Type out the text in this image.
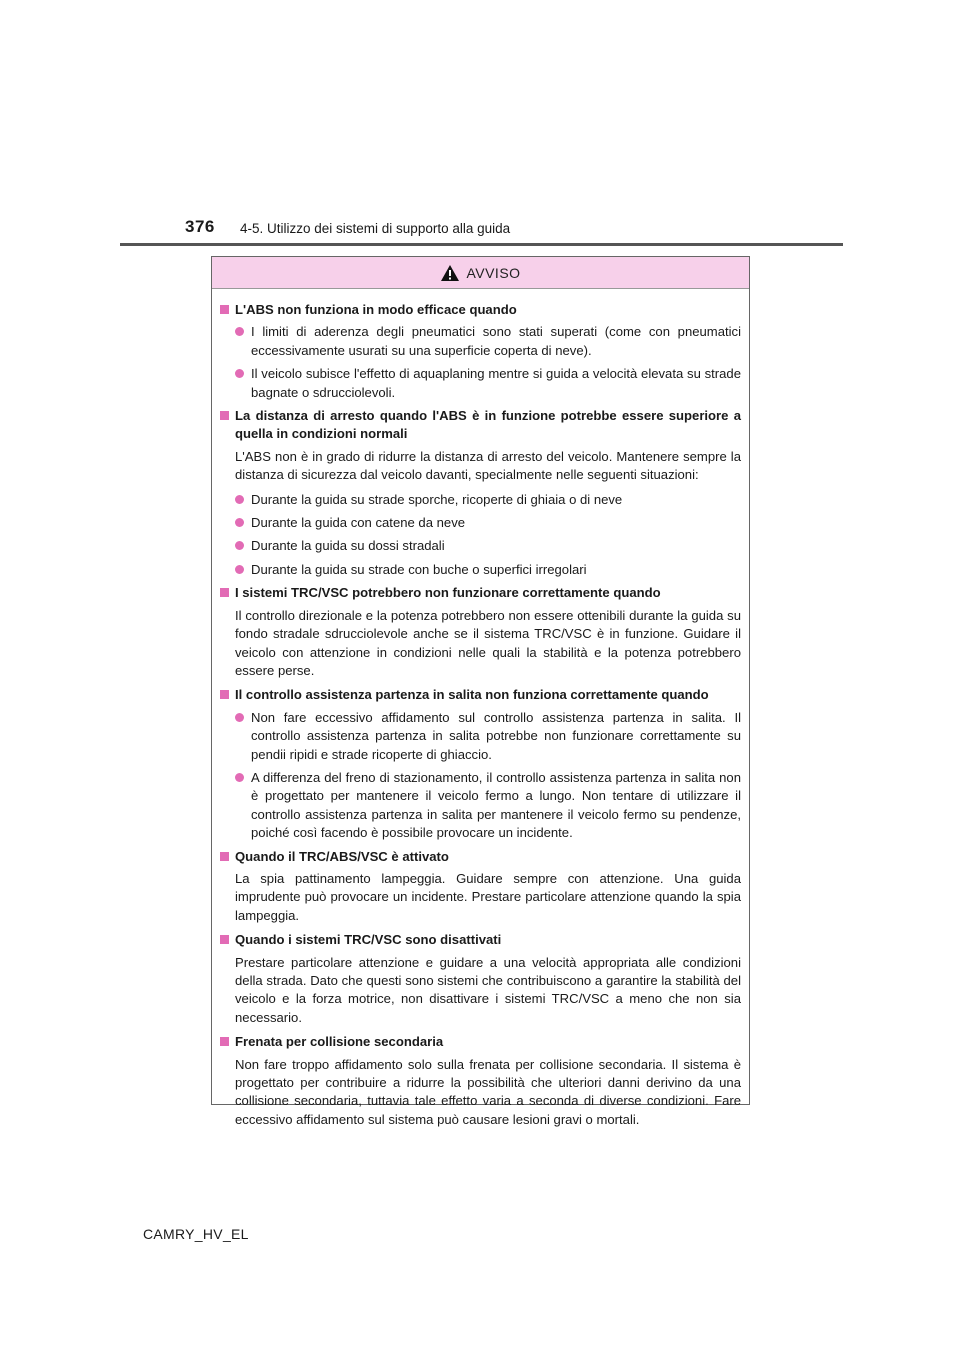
376 4-5. Utilizzo dei sistemi di supporto alla guida
AVVISO
L'ABS non funziona in modo efficace quando
I limiti di aderenza degli pneumatici sono stati superati (come con pneumatici eccessivamente usurati su una superficie coperta di neve).
Il veicolo subisce l'effetto di aquaplaning mentre si guida a velocità elevata su strade bagnate o sdrucciolevoli.
La distanza di arresto quando l'ABS è in funzione potrebbe essere superiore a quella in condizioni normali
L'ABS non è in grado di ridurre la distanza di arresto del veicolo. Mantenere sempre la distanza di sicurezza dal veicolo davanti, specialmente nelle seguenti situazioni:
Durante la guida su strade sporche, ricoperte di ghiaia o di neve
Durante la guida con catene da neve
Durante la guida su dossi stradali
Durante la guida su strade con buche o superfici irregolari
I sistemi TRC/VSC potrebbero non funzionare correttamente quando
Il controllo direzionale e la potenza potrebbero non essere ottenibili durante la guida su fondo stradale sdrucciolevole anche se il sistema TRC/VSC è in funzione. Guidare il veicolo con attenzione in condizioni nelle quali la stabilità e la potenza potrebbero essere perse.
Il controllo assistenza partenza in salita non funziona correttamente quando
Non fare eccessivo affidamento sul controllo assistenza partenza in salita. Il controllo assistenza partenza in salita potrebbe non funzionare correttamente su pendii ripidi e strade ricoperte di ghiaccio.
A differenza del freno di stazionamento, il controllo assistenza partenza in salita non è progettato per mantenere il veicolo fermo a lungo. Non tentare di utilizzare il controllo assistenza partenza in salita per mantenere il veicolo fermo su pendenze, poiché così facendo è possibile provocare un incidente.
Quando il TRC/ABS/VSC è attivato
La spia pattinamento lampeggia. Guidare sempre con attenzione. Una guida imprudente può provocare un incidente. Prestare particolare attenzione quando la spia lampeggia.
Quando i sistemi TRC/VSC sono disattivati
Prestare particolare attenzione e guidare a una velocità appropriata alle condizioni della strada. Dato che questi sono sistemi che contribuiscono a garantire la stabilità del veicolo e la forza motrice, non disattivare i sistemi TRC/VSC a meno che non sia necessario.
Frenata per collisione secondaria
Non fare troppo affidamento solo sulla frenata per collisione secondaria. Il sistema è progettato per contribuire a ridurre la possibilità che ulteriori danni derivino da una collisione secondaria, tuttavia tale effetto varia a seconda di diverse condizioni. Fare eccessivo affidamento sul sistema può causare lesioni gravi o mortali.
CAMRY_HV_EL
